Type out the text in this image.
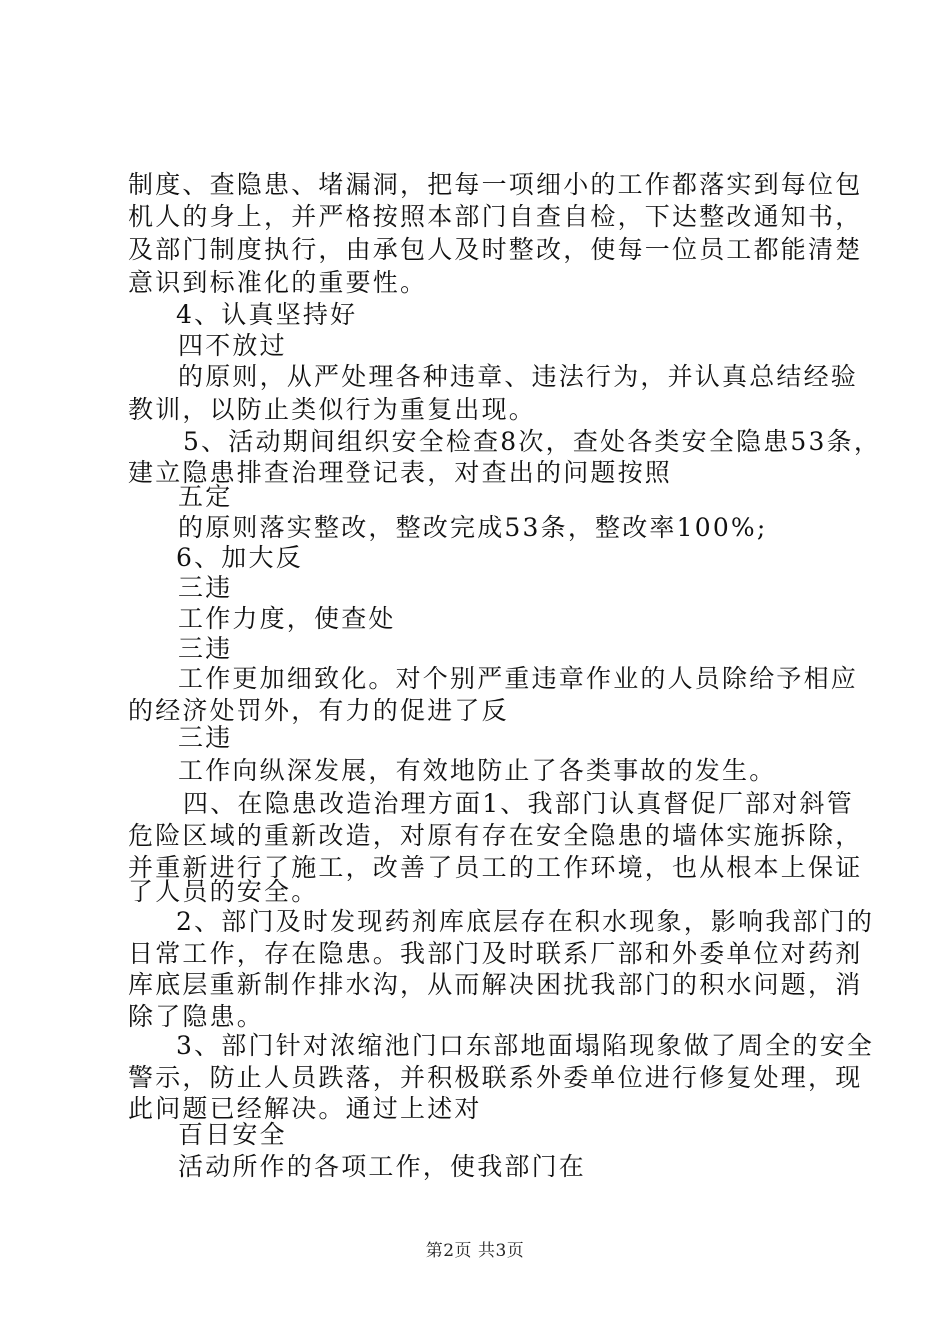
制度、查隐患、堵漏洞，把每一项细小的工作都落实到每位包
机人的身上，并严格按照本部门自查自检，下达整改通知书，
及部门制度执行，由承包人及时整改，使每一位员工都能清楚
意识到标准化的重要性。
4、认真坚持好
四不放过
的原则，从严处理各种违章、违法行为，并认真总结经验
教训，以防止类似行为重复出现。
5、活动期间组织安全检查8次，查处各类安全隐患53条，
建立隐患排查治理登记表，对查出的问题按照
五定
的原则落实整改，整改完成53条，整改率100%;
6、加大反
三违
工作力度，使查处
三违
工作更加细致化。对个别严重违章作业的人员除给予相应
的经济处罚外，有力的促进了反
三违
工作向纵深发展，有效地防止了各类事故的发生。
四、在隐患改造治理方面1、我部门认真督促厂部对斜管
危险区域的重新改造，对原有存在安全隐患的墙体实施拆除，
并重新进行了施工，改善了员工的工作环境，也从根本上保证
了人员的安全。
2、部门及时发现药剂库底层存在积水现象，影响我部门的
日常工作，存在隐患。我部门及时联系厂部和外委单位对药剂
库底层重新制作排水沟，从而解决困扰我部门的积水问题，消
除了隐患。
3、部门针对浓缩池门口东部地面塌陷现象做了周全的安全
警示，防止人员跌落，并积极联系外委单位进行修复处理，现
此问题已经解决。通过上述对
百日安全
活动所作的各项工作，使我部门在
第2页 共3页
